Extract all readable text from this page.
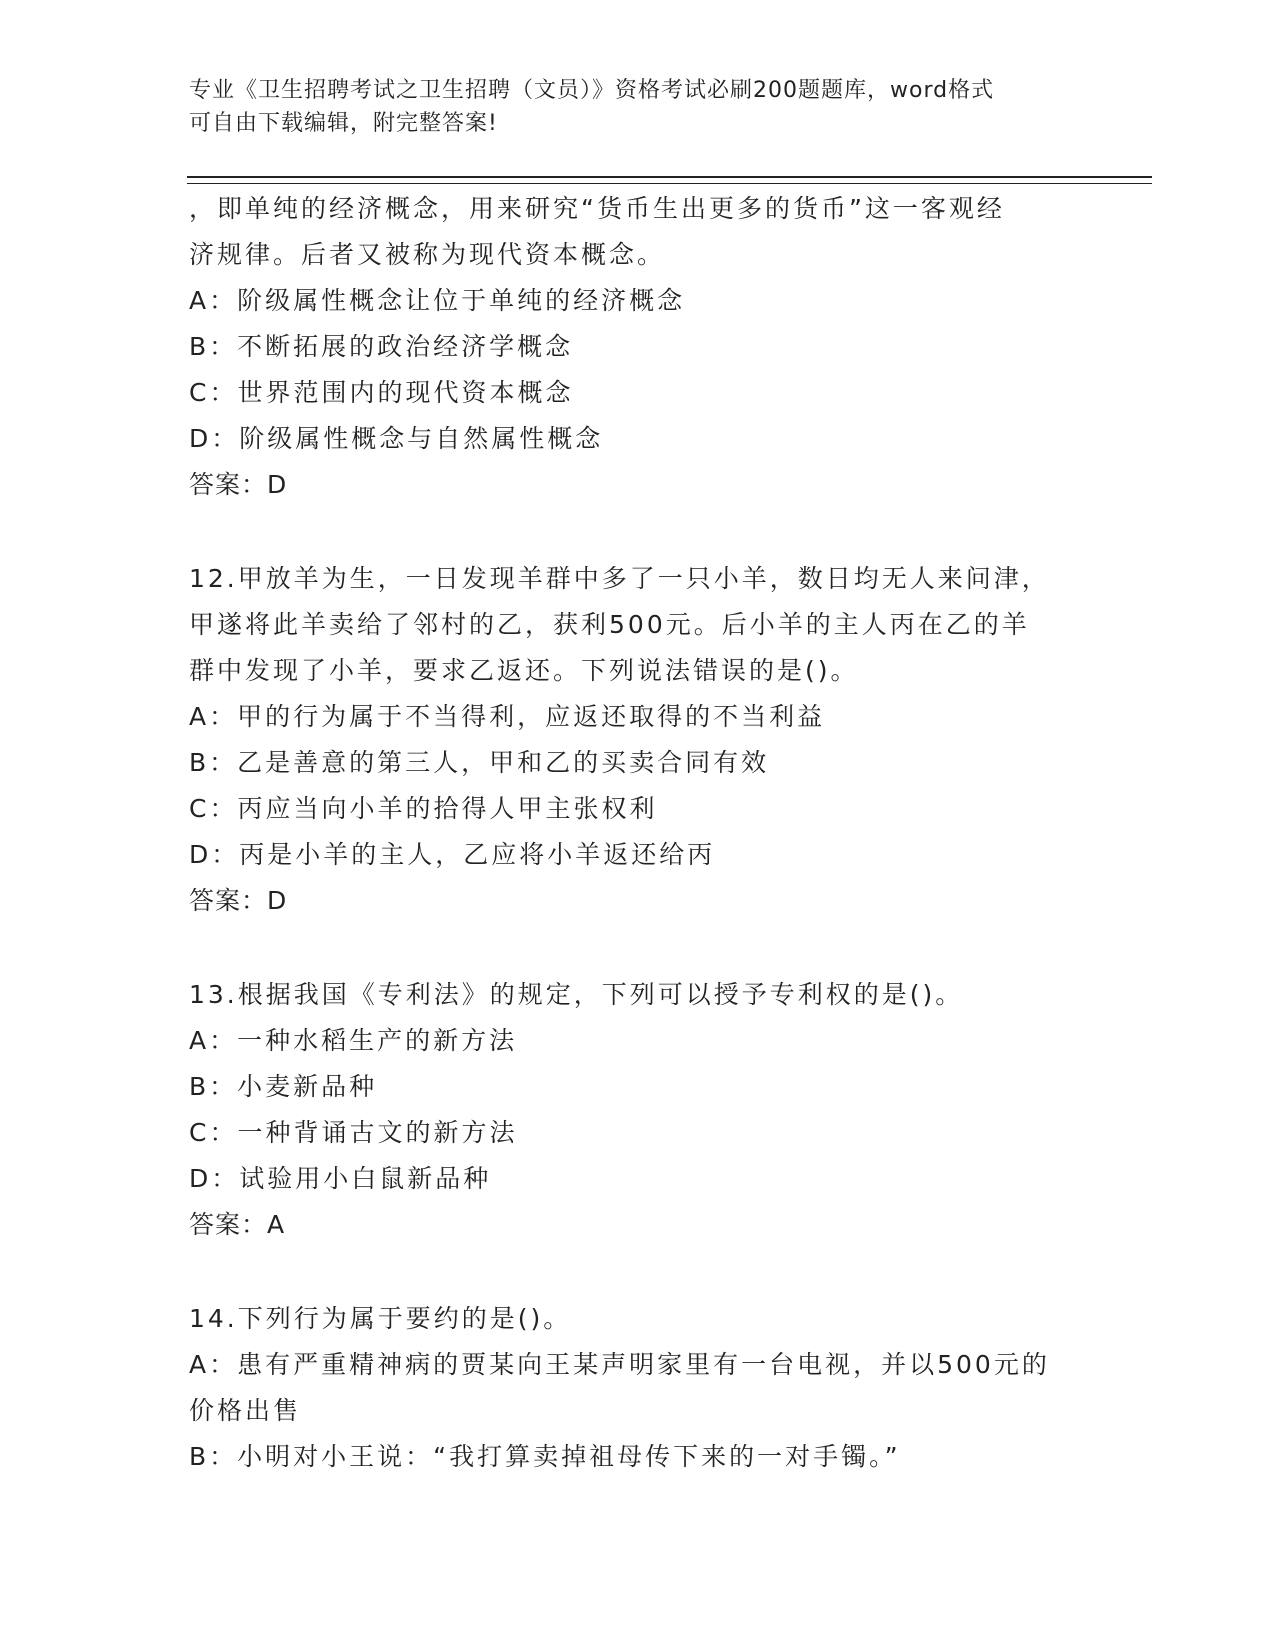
专业《卫生招聘考试之卫生招聘（文员）》资格考试必刷200题题库，word格式
可自由下载编辑，附完整答案!
，即单纯的经济概念，用来研究“货币生出更多的货币”这一客观经
济规律。后者又被称为现代资本概念。
A：阶级属性概念让位于单纯的经济概念
B：不断拓展的政治经济学概念
C：世界范围内的现代资本概念
D：阶级属性概念与自然属性概念
答案：D
12.甲放羊为生，一日发现羊群中多了一只小羊，数日均无人来问津，
甲遂将此羊卖给了邻村的乙，获利500元。后小羊的主人丙在乙的羊
群中发现了小羊，要求乙返还。下列说法错误的是()。
A：甲的行为属于不当得利，应返还取得的不当利益
B：乙是善意的第三人，甲和乙的买卖合同有效
C：丙应当向小羊的拾得人甲主张权利
D：丙是小羊的主人，乙应将小羊返还给丙
答案：D
13.根据我国《专利法》的规定，下列可以授予专利权的是()。
A：一种水稻生产的新方法
B：小麦新品种
C：一种背诵古文的新方法
D：试验用小白鼠新品种
答案：A
14.下列行为属于要约的是()。
A：患有严重精神病的贾某向王某声明家里有一台电视，并以500元的
价格出售
B：小明对小王说：“我打算卖掉祖母传下来的一对手镯。”
